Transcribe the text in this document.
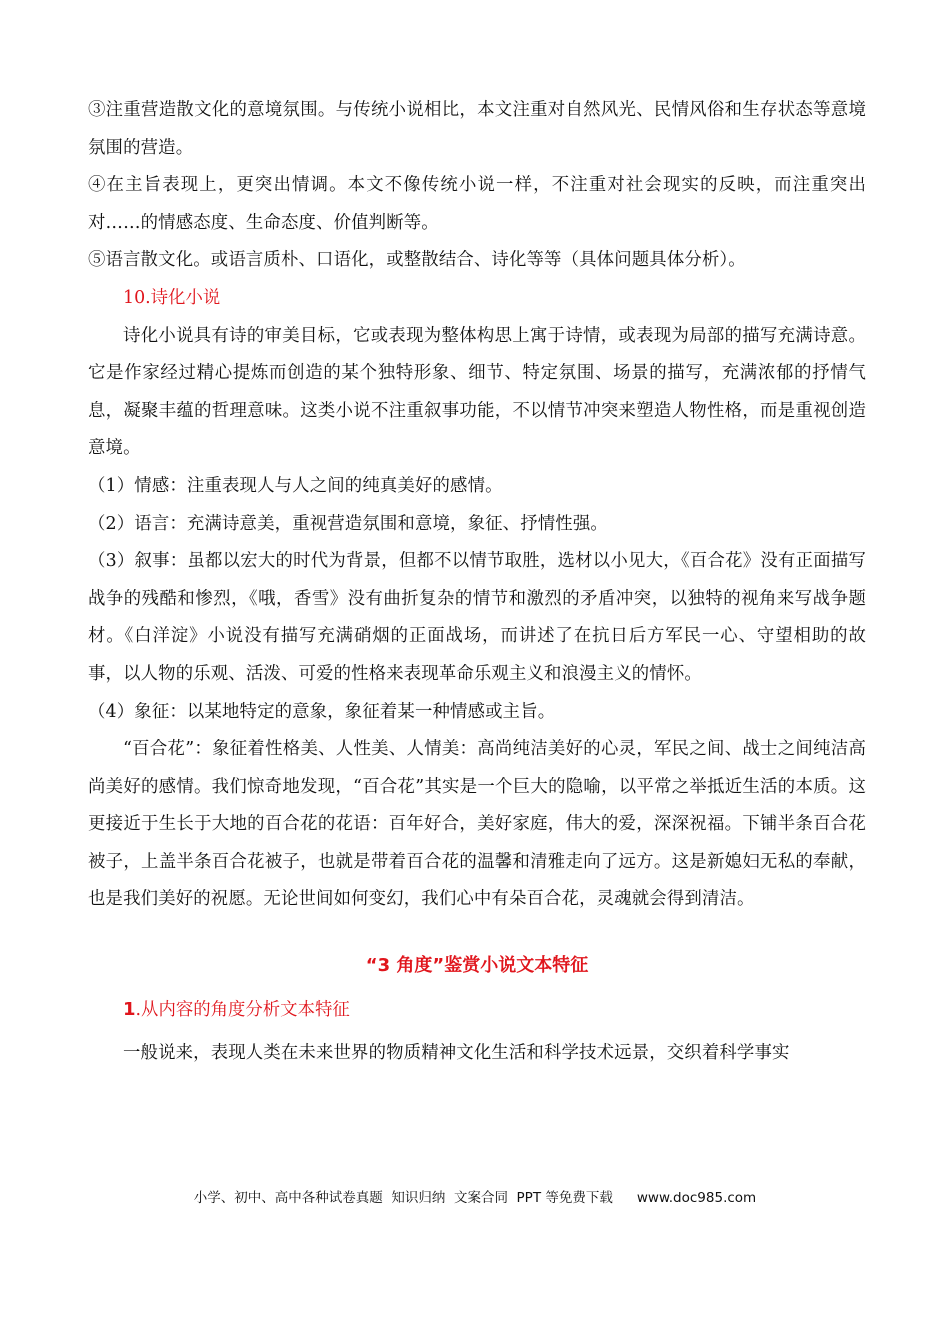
③注重营造散文化的意境氛围。与传统小说相比，本文注重对自然风光、民情风俗和生存状态等意境氛围的营造。

④在主旨表现上，更突出情调。本文不像传统小说一样，不注重对社会现实的反映，而注重突出对……的情感态度、生命态度、价值判断等。

⑤语言散文化。或语言质朴、口语化，或整散结合、诗化等等（具体问题具体分析）。

10.诗化小说

诗化小说具有诗的审美目标，它或表现为整体构思上寓于诗情，或表现为局部的描写充满诗意。它是作家经过精心提炼而创造的某个独特形象、细节、特定氛围、场景的描写，充满浓郁的抒情气息，凝聚丰蕴的哲理意味。这类小说不注重叙事功能，不以情节冲突来塑造人物性格，而是重视创造意境。

（1）情感：注重表现人与人之间的纯真美好的感情。

（2）语言：充满诗意美，重视营造氛围和意境，象征、抒情性强。

（3）叙事：虽都以宏大的时代为背景，但都不以情节取胜，选材以小见大，《百合花》没有正面描写战争的残酷和惨烈，《哦，香雪》没有曲折复杂的情节和激烈的矛盾冲突，以独特的视角来写战争题材。《白洋淀》小说没有描写充满硝烟的正面战场，而讲述了在抗日后方军民一心、守望相助的故事，以人物的乐观、活泼、可爱的性格来表现革命乐观主义和浪漫主义的情怀。

（4）象征：以某地特定的意象，象征着某一种情感或主旨。

“百合花”：象征着性格美、人性美、人情美：高尚纯洁美好的心灵，军民之间、战士之间纯洁高尚美好的感情。我们惊奇地发现，“百合花”其实是一个巨大的隐喻，以平常之举抵近生活的本质。这更接近于生长于大地的百合花的花语：百年好合，美好家庭，伟大的爱，深深祝福。下铺半条百合花被子，上盖半条百合花被子，也就是带着百合花的温馨和清雅走向了远方。这是新媳妇无私的奉献，也是我们美好的祝愿。无论世间如何变幻，我们心中有朵百合花，灵魂就会得到清洁。

“3 角度”鉴赏小说文本特征

1.从内容的角度分析文本特征

一般说来，表现人类在未来世界的物质精神文化生活和科学技术远景，交织着科学事实

小学、初中、高中各种试卷真题  知识归纳  文案合同  PPT 等免费下载 www.doc985.com
